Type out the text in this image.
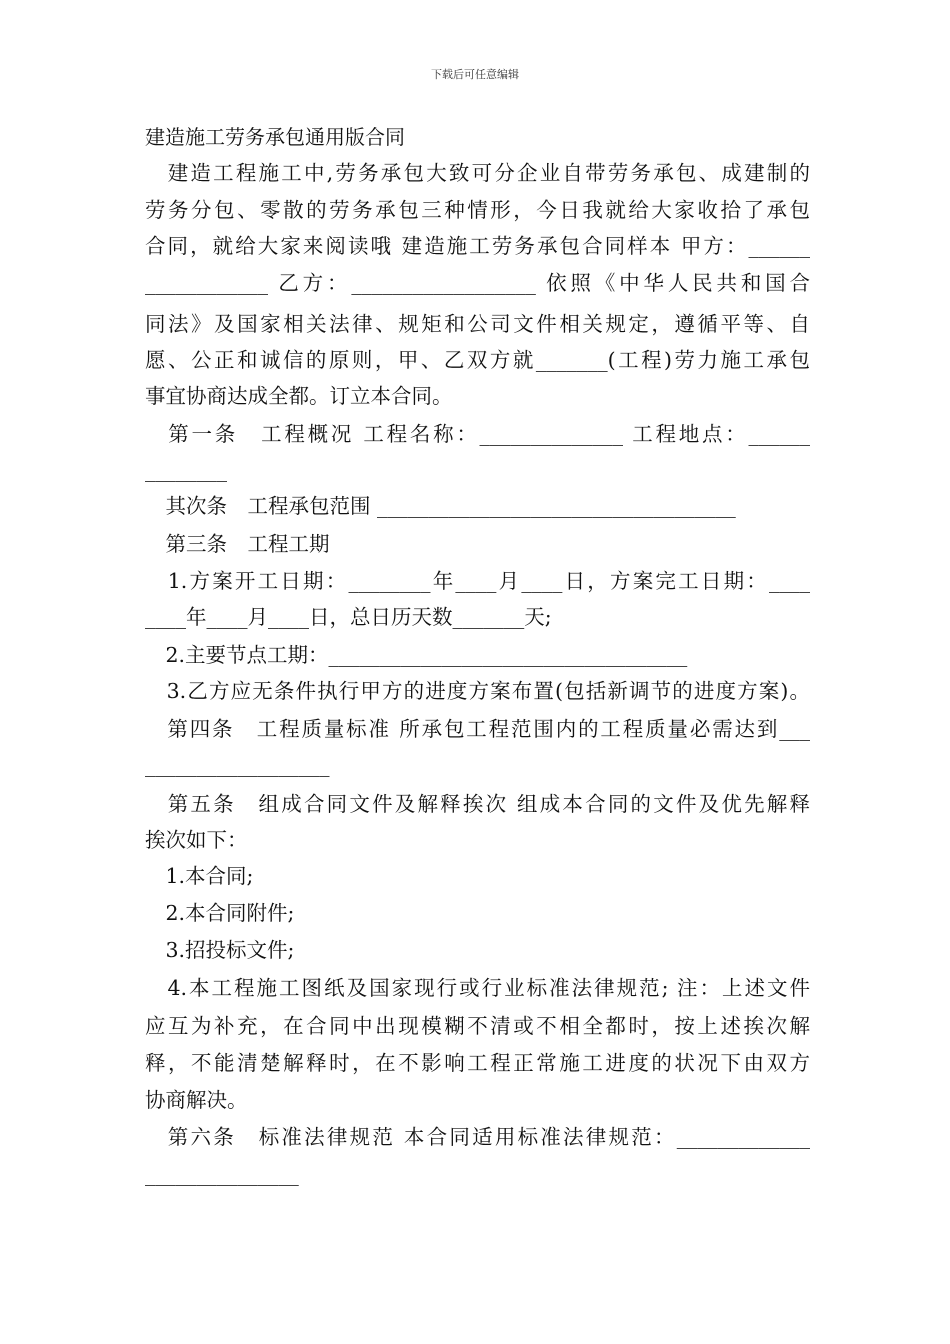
下载后可任意编辑
建造施工劳务承包通用版合同
　建造工程施工中,劳务承包大致可分企业自带劳务承包、成建制的
劳务分包、零散的劳务承包三种情形，今日我就给大家收拾了承包
合同，就给大家来阅读哦 建造施工劳务承包合同样本 甲方：______
____________ 乙方：__________________ 依照《中华人民共和国合
同法》及国家相关法律、规矩和公司文件相关规定，遵循平等、自
愿、公正和诚信的原则，甲、乙双方就_______(工程)劳力施工承包
事宜协商达成全都。订立本合同。
　第一条　工程概况 工程名称：______________ 工程地点：______
________
　其次条　工程承包范围 ___________________________________
　第三条　工程工期
　1.方案开工日期：________年____月____日，方案完工日期：____
____年____月____日，总日历天数_______天;
　2.主要节点工期：___________________________________
　3.乙方应无条件执行甲方的进度方案布置(包括新调节的进度方案)。
　第四条　工程质量标准 所承包工程范围内的工程质量必需达到___
__________________
　第五条　组成合同文件及解释挨次 组成本合同的文件及优先解释
挨次如下：
　1.本合同;
　2.本合同附件;
　3.招投标文件;
　4.本工程施工图纸及国家现行或行业标准法律规范; 注：上述文件
应互为补充，在合同中出现模糊不清或不相全都时，按上述挨次解
释，不能清楚解释时，在不影响工程正常施工进度的状况下由双方
协商解决。
　第六条　标准法律规范 本合同适用标准法律规范：_____________
_______________
